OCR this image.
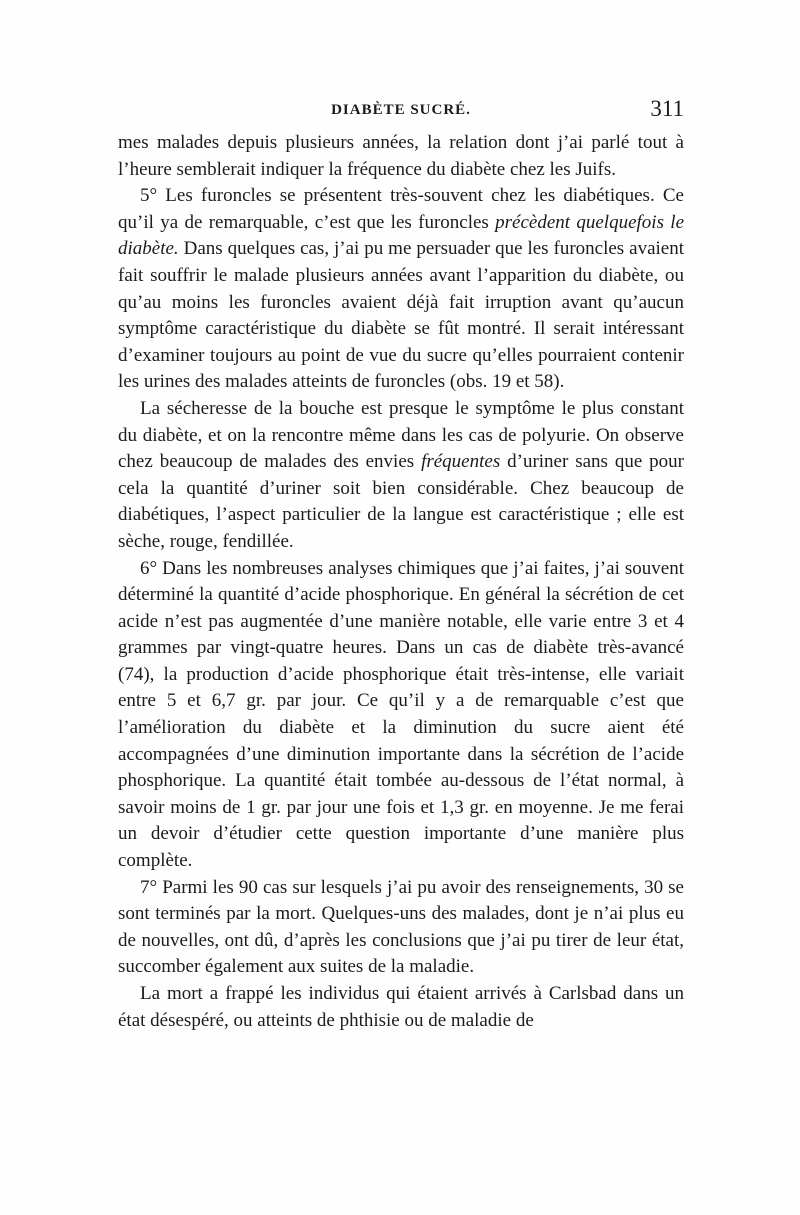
DIABÈTE SUCRÉ.	311

mes malades depuis plusieurs années, la relation dont j’ai parlé tout à l’heure semblerait indiquer la fréquence du diabète chez les Juifs.

5° Les furoncles se présentent très-souvent chez les diabétiques. Ce qu’il ya de remarquable, c’est que les furoncles précèdent quelquefois le diabète. Dans quelques cas, j’ai pu me persuader que les furoncles avaient fait souffrir le malade plusieurs années avant l’apparition du diabète, ou qu’au moins les furoncles avaient déjà fait irruption avant qu’aucun symptôme caractéristique du diabète se fût montré. Il serait intéressant d’examiner toujours au point de vue du sucre qu’elles pourraient contenir les urines des malades atteints de furoncles (obs. 19 et 58).

La sécheresse de la bouche est presque le symptôme le plus constant du diabète, et on la rencontre même dans les cas de polyurie. On observe chez beaucoup de malades des envies fréquentes d’uriner sans que pour cela la quantité d’uriner soit bien considérable. Chez beaucoup de diabétiques, l’aspect particulier de la langue est caractéristique ; elle est sèche, rouge, fendillée.

6° Dans les nombreuses analyses chimiques que j’ai faites, j’ai souvent déterminé la quantité d’acide phosphorique. En général la sécrétion de cet acide n’est pas augmentée d’une manière notable, elle varie entre 3 et 4 grammes par vingt-quatre heures. Dans un cas de diabète très-avancé (74), la production d’acide phosphorique était très-intense, elle variait entre 5 et 6,7 gr. par jour. Ce qu’il y a de remarquable c’est que l’amélioration du diabète et la diminution du sucre aient été accompagnées d’une diminution importante dans la sécrétion de l’acide phosphorique. La quantité était tombée au-dessous de l’état normal, à savoir moins de 1 gr. par jour une fois et 1,3 gr. en moyenne. Je me ferai un devoir d’étudier cette question importante d’une manière plus complète.

7° Parmi les 90 cas sur lesquels j’ai pu avoir des renseignements, 30 se sont terminés par la mort. Quelques-uns des malades, dont je n’ai plus eu de nouvelles, ont dû, d’après les conclusions que j’ai pu tirer de leur état, succomber également aux suites de la maladie.

La mort a frappé les individus qui étaient arrivés à Carlsbad dans un état désespéré, ou atteints de phthisie ou de maladie de
